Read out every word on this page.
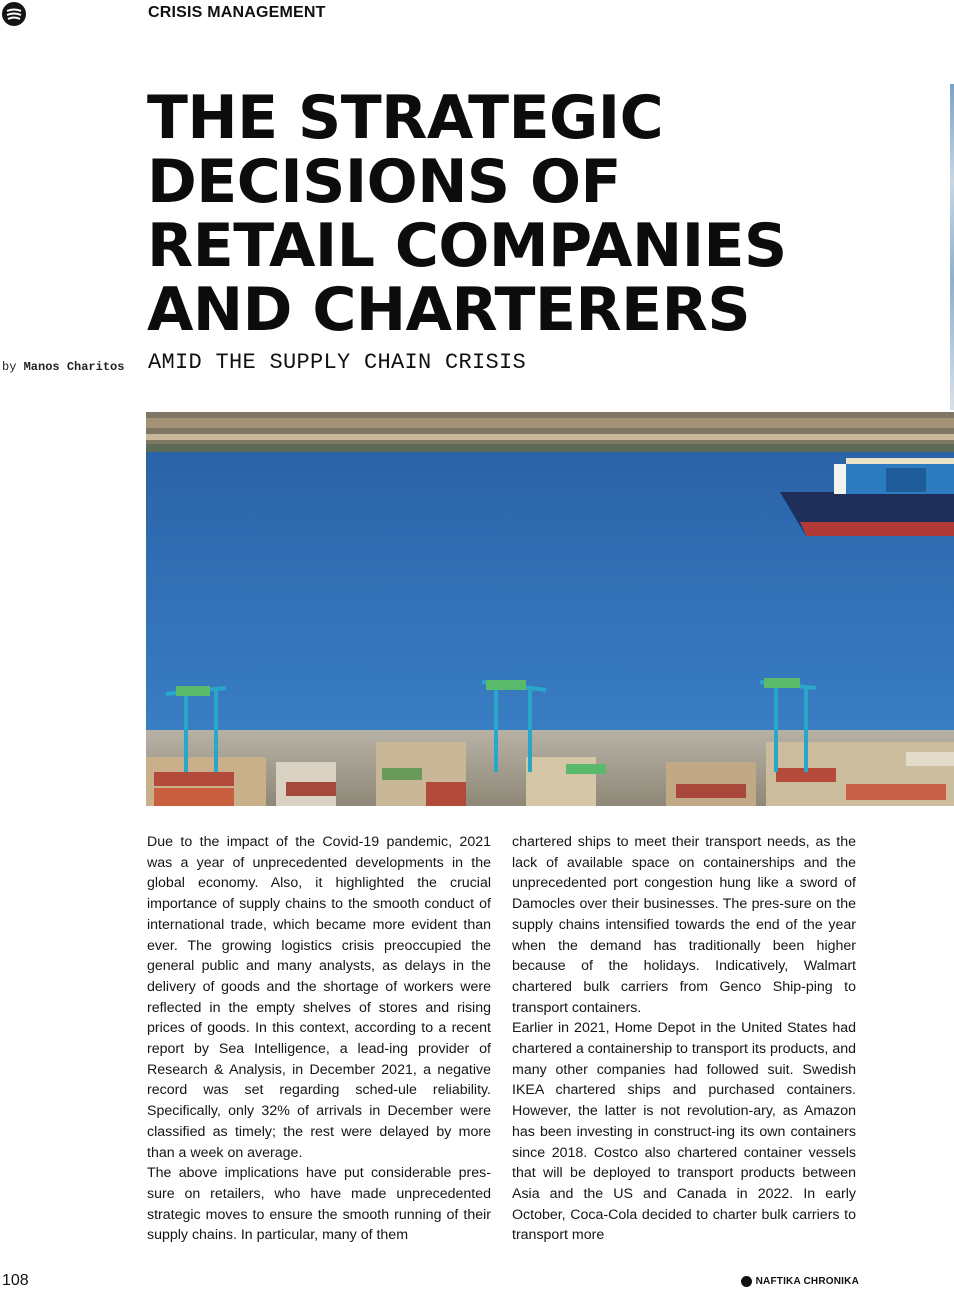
CRISIS MANAGEMENT
THE STRATEGIC
DECISIONS OF
RETAIL COMPANIES
AND CHARTERERS
by Manos Charitos AMID THE SUPPLY CHAIN CRISIS

Due to the impact of the Covid-19 pandemic, 2021 was a year of unprecedented developments in the global economy. Also, it highlighted the crucial importance of supply chains to the smooth conduct of international trade, which became more evident than ever. The growing logistics crisis preoccupied the general public and many analysts, as delays in the delivery of goods and the shortage of workers were reflected in the empty shelves of stores and rising prices of goods. In this context, according to a recent report by Sea Intelligence, a lead-ing provider of Research & Analysis, in December 2021, a negative record was set regarding sched-ule reliability. Specifically, only 32% of arrivals in December were classified as timely; the rest were delayed by more than a week on average.

The above implications have put considerable pres-sure on retailers, who have made unprecedented strategic moves to ensure the smooth running of their supply chains. In particular, many of them

chartered ships to meet their transport needs, as the lack of available space on containerships and the unprecedented port congestion hung like a sword of Damocles over their businesses. The pres-sure on the supply chains intensified towards the end of the year when the demand has traditionally been higher because of the holidays. Indicatively, Walmart chartered bulk carriers from Genco Ship-ping to transport containers.

Earlier in 2021, Home Depot in the United States had chartered a containership to transport its products, and many other companies had followed suit. Swedish IKEA chartered ships and purchased containers. However, the latter is not revolution-ary, as Amazon has been investing in construct-ing its own containers since 2018. Costco also chartered container vessels that will be deployed to transport products between Asia and the US and Canada in 2022. In early October, Coca-Cola decided to charter bulk carriers to transport more

108	NAFTIKA CHRONIKA
